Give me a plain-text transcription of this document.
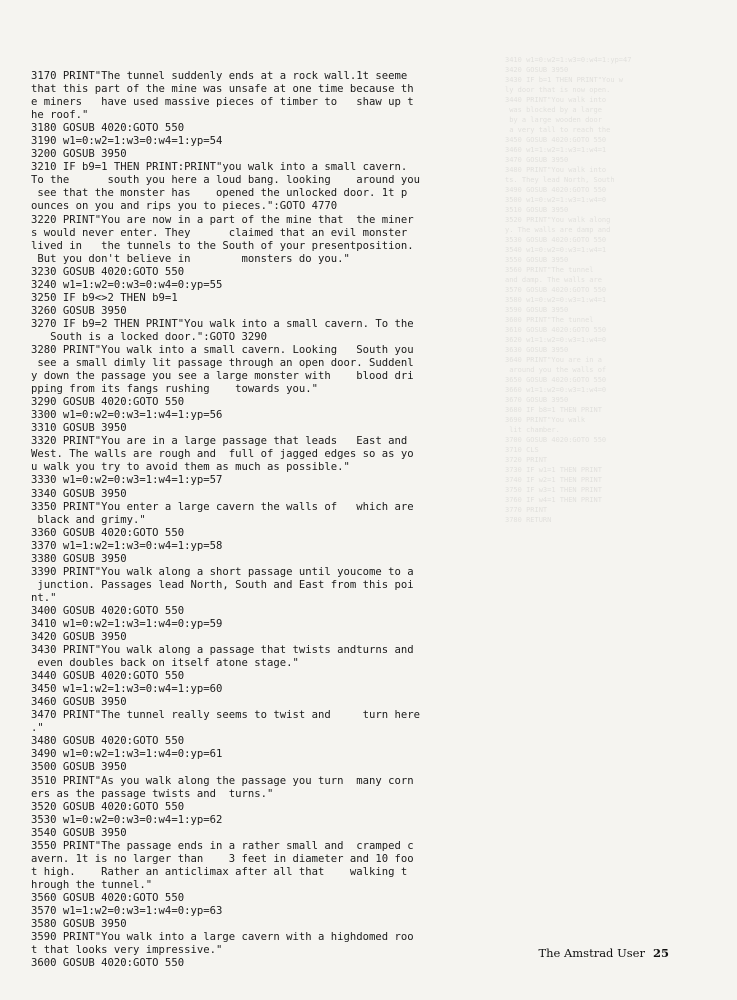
3410 w1=0:w2=1:w3=0:w4=1:yp=47
3420 GOSUB 3950
3430 IF b=1 THEN PRINT"You w
ly door that is now open.
3440 PRINT"You walk into
was blocked by a large
by a large wooden door
a very tall to reach the
3450 GOSUB 4020:GOTO 550
3460 w1=1:w2=1:w3=1:w4=1
3470 GOSUB 3950
3480 PRINT"You walk into
ts. They lead North, South
3490 GOSUB 4020:GOTO 550
3500 w1=0:w2=1:w3=1:w4=0
3510 GOSUB 3950
3520 PRINT"You walk along
y. The walls are damp and
3530 GOSUB 4020:GOTO 550
3540 w1=0:w2=0:w3=1:w4=1
3550 GOSUB 3950
3560 PRINT"The tunnel
and damp. The walls are
3570 GOSUB 4020:GOTO 550
3580 w1=0:w2=0:w3=1:w4=1
3590 GOSUB 3950
3600 PRINT"The tunnel
3610 GOSUB 4020:GOTO 550
3620 w1=1:w2=0:w3=1:w4=0
3630 GOSUB 3950
3640 PRINT"You are in a
around you the walls of
3650 GOSUB 4020:GOTO 550
3660 w1=1:w2=0:w3=1:w4=0
3670 GOSUB 3950
3680 IF b8=1 THEN PRINT
3690 PRINT"You walk
lit chamber.
3700 GOSUB 4020:GOTO 550
3710 CLS
3720 PRINT
3730 IF w1=1 THEN PRINT
3740 IF w2=1 THEN PRINT
3750 IF w3=1 THEN PRINT
3760 IF w4=1 THEN PRINT
3770 PRINT
3780 RETURN
3170 PRINT"The tunnel suddenly ends at a rock wall.1t seeme
that this part of the mine was unsafe at one time because th
e miners   have used massive pieces of timber to   shaw up t
he roof."
3180 GOSUB 4020:GOTO 550
3190 w1=0:w2=1:w3=0:w4=1:yp=54
3200 GOSUB 3950
3210 IF b9=1 THEN PRINT:PRINT"you walk into a small cavern.
To the      south you here a loud bang. looking    around you
see that the monster has    opened the unlocked door. 1t p
ounces on you and rips you to pieces.":GOTO 4770
3220 PRINT"You are now in a part of the mine that  the miner
s would never enter. They      claimed that an evil monster
lived in   the tunnels to the South of your presentposition.
But you don't believe in        monsters do you."
3230 GOSUB 4020:GOTO 550
3240 w1=1:w2=0:w3=0:w4=0:yp=55
3250 IF b9<>2 THEN b9=1
3260 GOSUB 3950
3270 IF b9=2 THEN PRINT"You walk into a small cavern. To the
South is a locked door.":GOTO 3290
3280 PRINT"You walk into a small cavern. Looking   South you
see a small dimly lit passage through an open door. Suddenl
y down the passage you see a large monster with    blood dri
pping from its fangs rushing    towards you."
3290 GOSUB 4020:GOTO 550
3300 w1=0:w2=0:w3=1:w4=1:yp=56
3310 GOSUB 3950
3320 PRINT"You are in a large passage that leads   East and
West. The walls are rough and  full of jagged edges so as yo
u walk you try to avoid them as much as possible."
3330 w1=0:w2=0:w3=1:w4=1:yp=57
3340 GOSUB 3950
3350 PRINT"You enter a large cavern the walls of   which are
black and grimy."
3360 GOSUB 4020:GOTO 550
3370 w1=1:w2=1:w3=0:w4=1:yp=58
3380 GOSUB 3950
3390 PRINT"You walk along a short passage until youcome to a
junction. Passages lead North, South and East from this poi
nt."
3400 GOSUB 4020:GOTO 550
3410 w1=0:w2=1:w3=1:w4=0:yp=59
3420 GOSUB 3950
3430 PRINT"You walk along a passage that twists andturns and
even doubles back on itself atone stage."
3440 GOSUB 4020:GOTO 550
3450 w1=1:w2=1:w3=0:w4=1:yp=60
3460 GOSUB 3950
3470 PRINT"The tunnel really seems to twist and     turn here
."
3480 GOSUB 4020:GOTO 550
3490 w1=0:w2=1:w3=1:w4=0:yp=61
3500 GOSUB 3950
3510 PRINT"As you walk along the passage you turn  many corn
ers as the passage twists and  turns."
3520 GOSUB 4020:GOTO 550
3530 w1=0:w2=0:w3=0:w4=1:yp=62
3540 GOSUB 3950
3550 PRINT"The passage ends in a rather small and  cramped c
avern. 1t is no larger than    3 feet in diameter and 10 foo
t high.    Rather an anticlimax after all that    walking t
hrough the tunnel."
3560 GOSUB 4020:GOTO 550
3570 w1=1:w2=0:w3=1:w4=0:yp=63
3580 GOSUB 3950
3590 PRINT"You walk into a large cavern with a highdomed roo
t that looks very impressive."
3600 GOSUB 4020:GOTO 550
The Amstrad User 25
